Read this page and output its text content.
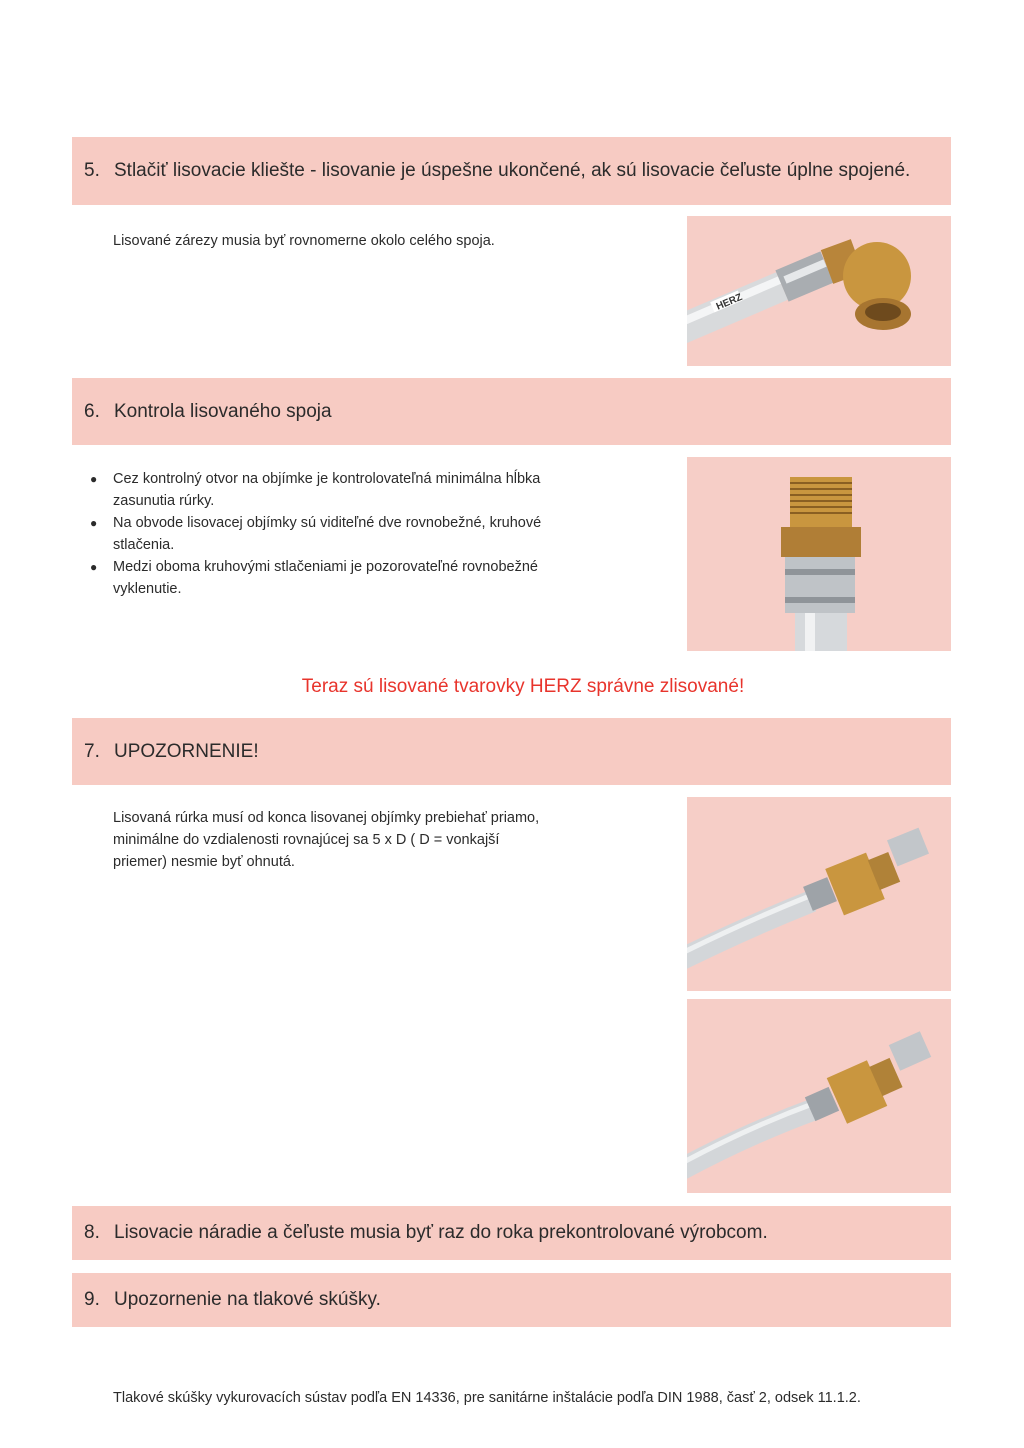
5. Stlačiť lisovacie kliešte - lisovanie je úspešne ukončené, ak sú lisovacie čeľuste úplne spojené.
Lisované zárezy musia byť rovnomerne okolo celého spoja.
HERZ
6. Kontrola lisovaného spoja
● Cez kontrolný otvor na objímke je kontrolovateľná minimálna hĺbka zasunutia rúrky.
● Na obvode lisovacej objímky sú viditeľné dve rovnobežné, kruhové stlačenia.
● Medzi oboma kruhovými stlačeniami je pozorovateľné rovnobežné vyklenutie.
Teraz sú lisované tvarovky HERZ správne zlisované!
7. UPOZORNENIE!
Lisovaná rúrka musí od konca lisovanej objímky prebiehať priamo, minimálne do vzdialenosti rovnajúcej sa 5 x D ( D = vonkajší priemer) nesmie byť ohnutá.
8. Lisovacie náradie a čeľuste musia byť raz do roka prekontrolované výrobcom.
9. Upozornenie na tlakové skúšky.
Tlakové skúšky vykurovacích sústav podľa EN 14336, pre sanitárne inštalácie podľa DIN 1988, časť 2, odsek 11.1.2.
